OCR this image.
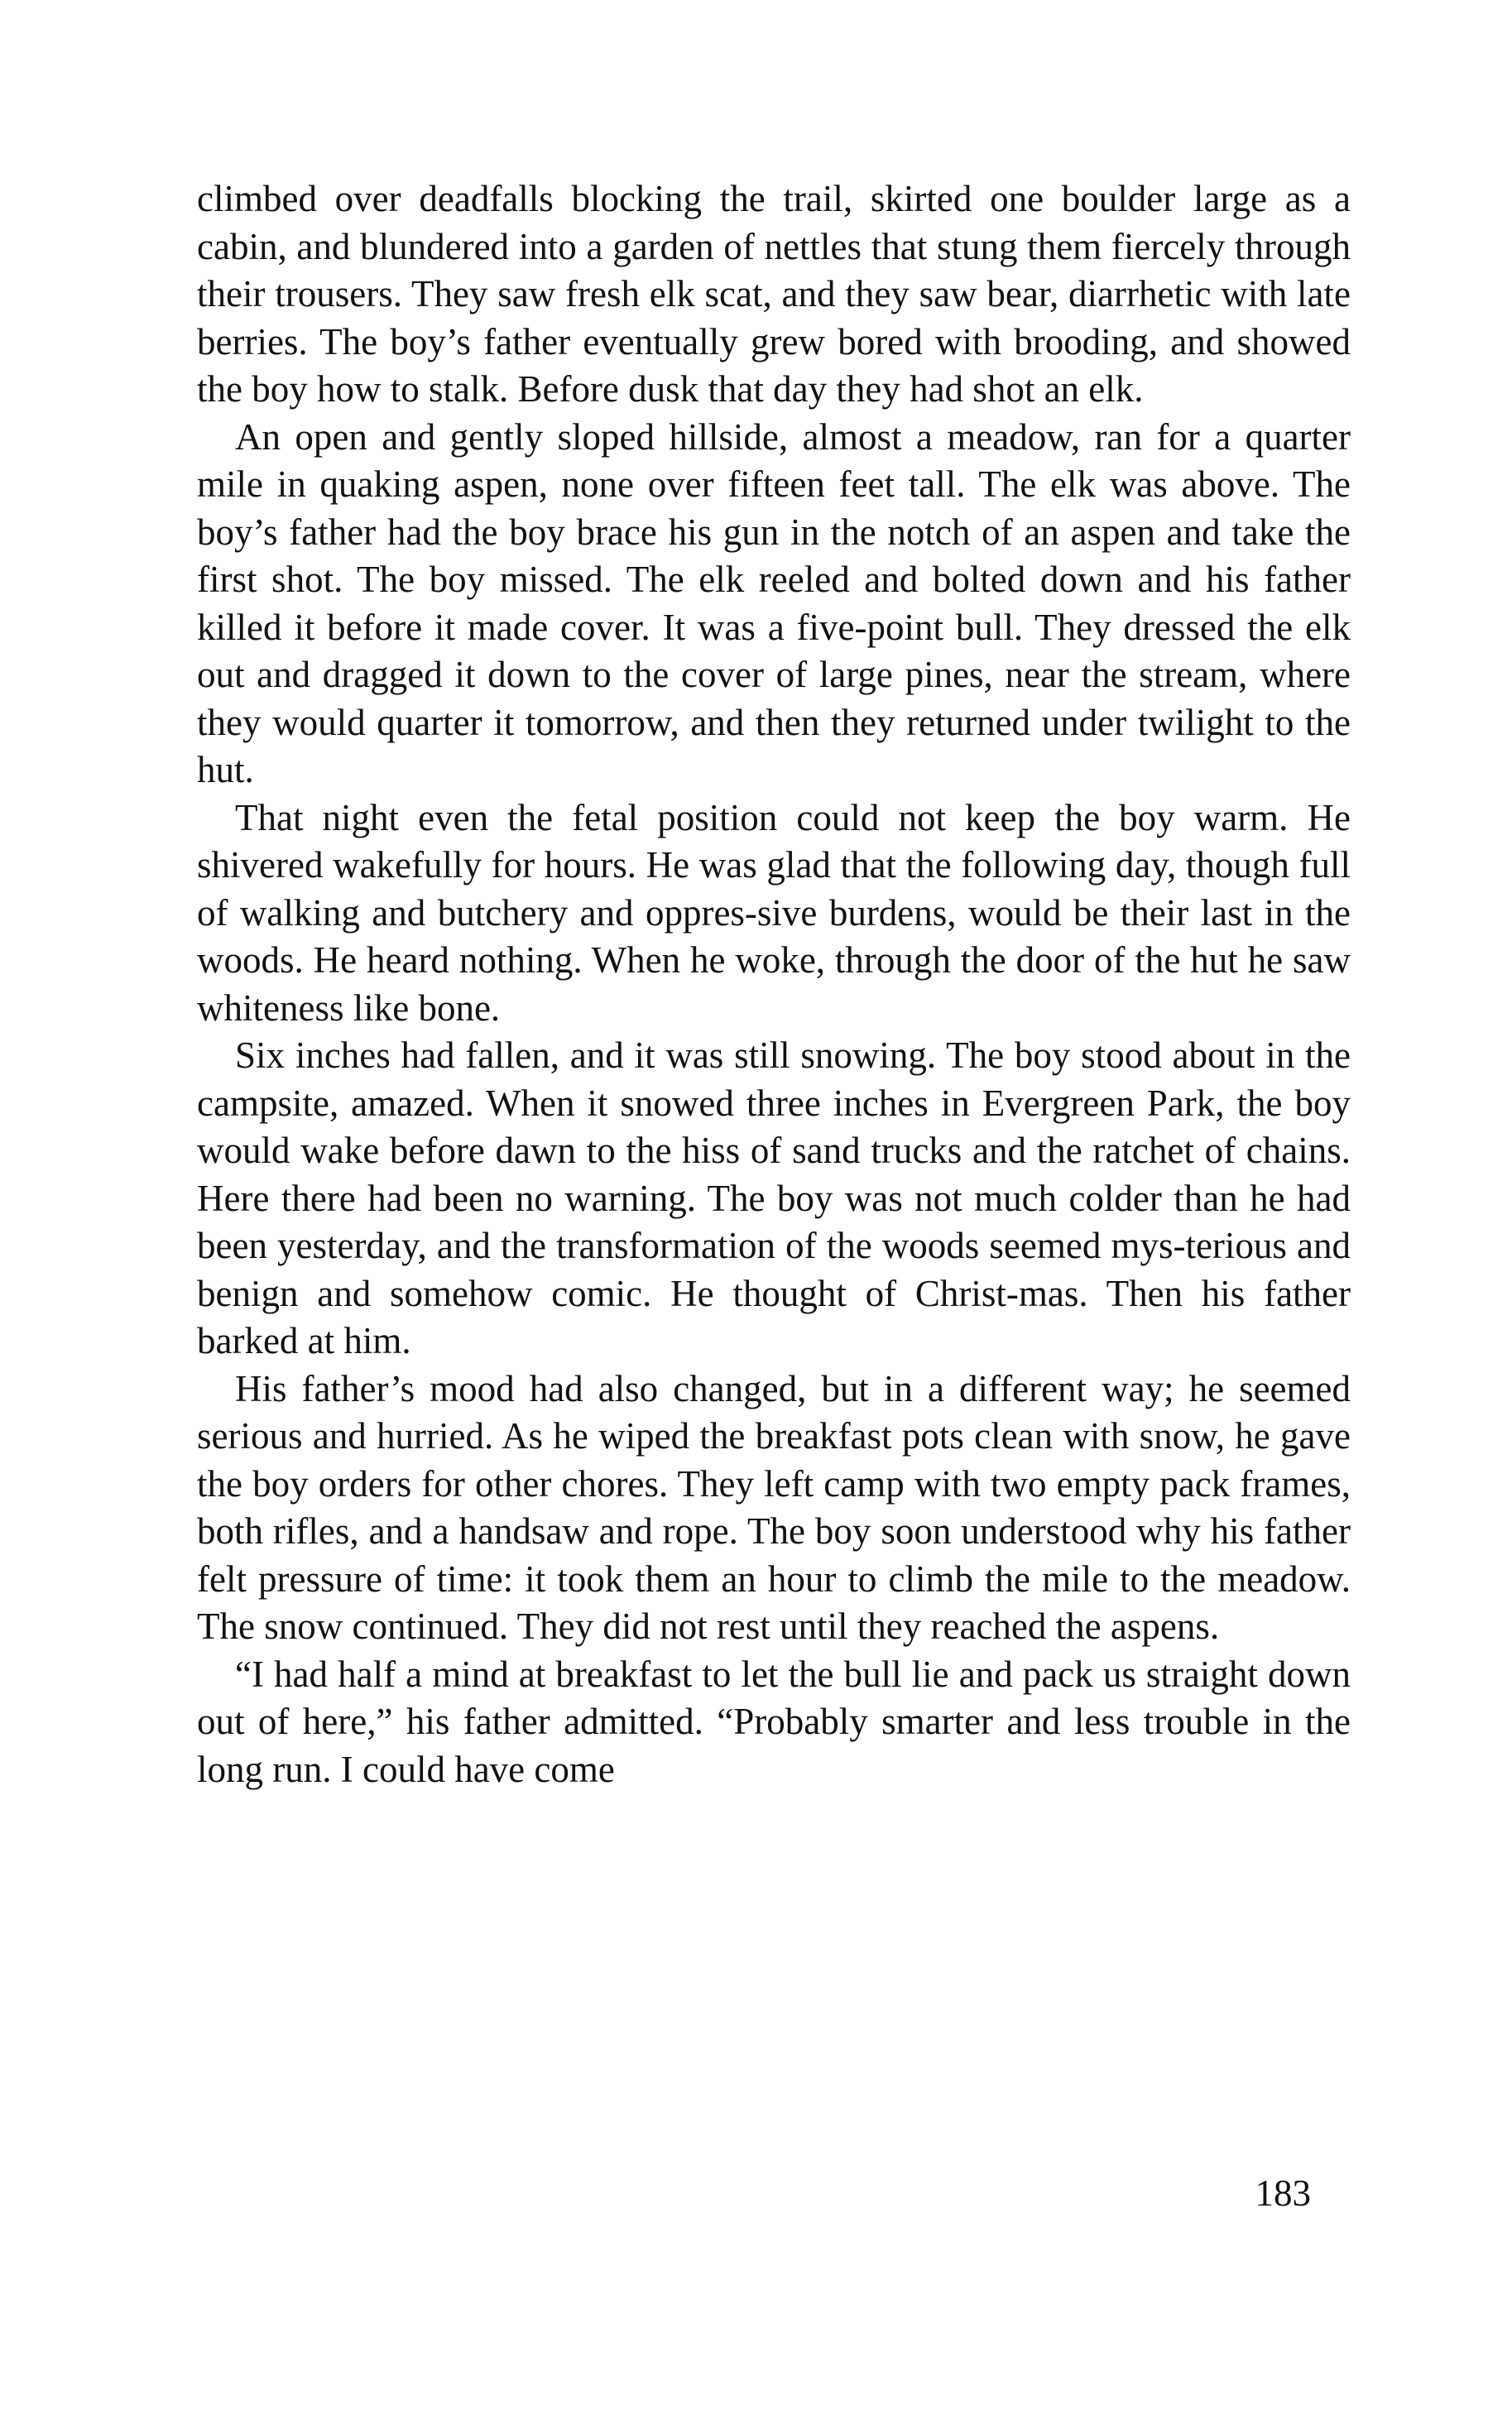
climbed over deadfalls blocking the trail, skirted one boulder large as a cabin, and blundered into a garden of nettles that stung them fiercely through their trousers. They saw fresh elk scat, and they saw bear, diarrhetic with late berries. The boy’s father eventually grew bored with brooding, and showed the boy how to stalk. Before dusk that day they had shot an elk.

An open and gently sloped hillside, almost a meadow, ran for a quarter mile in quaking aspen, none over fifteen feet tall. The elk was above. The boy’s father had the boy brace his gun in the notch of an aspen and take the first shot. The boy missed. The elk reeled and bolted down and his father killed it before it made cover. It was a five-point bull. They dressed the elk out and dragged it down to the cover of large pines, near the stream, where they would quarter it tomorrow, and then they returned under twilight to the hut.

That night even the fetal position could not keep the boy warm. He shivered wakefully for hours. He was glad that the following day, though full of walking and butchery and oppres-sive burdens, would be their last in the woods. He heard nothing. When he woke, through the door of the hut he saw whiteness like bone.

Six inches had fallen, and it was still snowing. The boy stood about in the campsite, amazed. When it snowed three inches in Evergreen Park, the boy would wake before dawn to the hiss of sand trucks and the ratchet of chains. Here there had been no warning. The boy was not much colder than he had been yesterday, and the transformation of the woods seemed mys-terious and benign and somehow comic. He thought of Christ-mas. Then his father barked at him.

His father’s mood had also changed, but in a different way; he seemed serious and hurried. As he wiped the breakfast pots clean with snow, he gave the boy orders for other chores. They left camp with two empty pack frames, both rifles, and a handsaw and rope. The boy soon understood why his father felt pressure of time: it took them an hour to climb the mile to the meadow. The snow continued. They did not rest until they reached the aspens.

“I had half a mind at breakfast to let the bull lie and pack us straight down out of here,” his father admitted. “Probably smarter and less trouble in the long run. I could have come

183
